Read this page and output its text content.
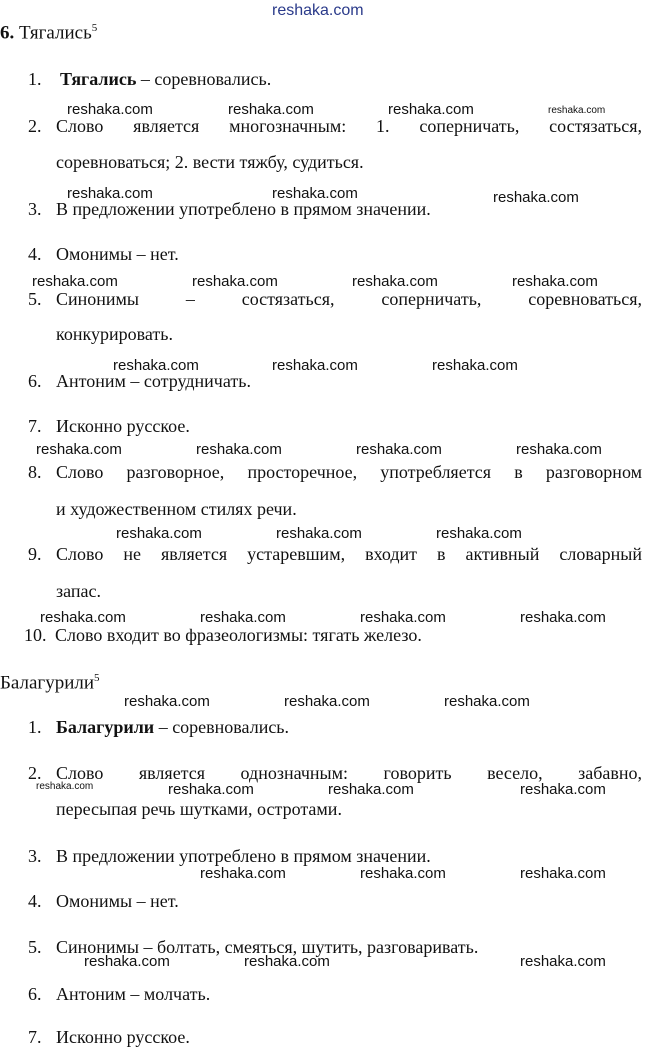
reshaka.com
6. Тягались$^5$
1. Тягались – соревновались.
reshaka.com	reshaka.com	reshaka.com	reshaka.com
2. Слово является многозначным: 1. соперничать, состязаться,
соревноваться; 2. вести тяжбу, судиться.
reshaka.com	reshaka.com	reshaka.com
3. В предложении употреблено в прямом значении.
4. Омонимы – нет.
reshaka.com	reshaka.com	reshaka.com	reshaka.com
5. Синонимы – состязаться, соперничать, соревноваться,
конкурировать.
reshaka.com	reshaka.com	reshaka.com
6. Антоним – сотрудничать.
7. Исконно русское.
reshaka.com	reshaka.com	reshaka.com	reshaka.com
8. Слово разговорное, просторечное, употребляется в разговорном
и художественном стилях речи.
reshaka.com	reshaka.com	reshaka.com
9. Слово не является устаревшим, входит в активный словарный
запас.
reshaka.com	reshaka.com	reshaka.com	reshaka.com
10. Слово входит во фразеологизмы: тягать железо.
Балагурили$^5$
reshaka.com	reshaka.com	reshaka.com
1. Балагурили – соревновались.
2. Слово является однозначным: говорить весело, забавно,
reshaka.com	reshaka.com	reshaka.com	reshaka.com
пересыпая речь шутками, остротами.
3. В предложении употреблено в прямом значении.
reshaka.com	reshaka.com	reshaka.com
4. Омонимы – нет.
5. Синонимы – болтать, смеяться, шутить, разговаривать.
reshaka.com	reshaka.com	reshaka.com
6. Антоним – молчать.
7. Исконно русское.
